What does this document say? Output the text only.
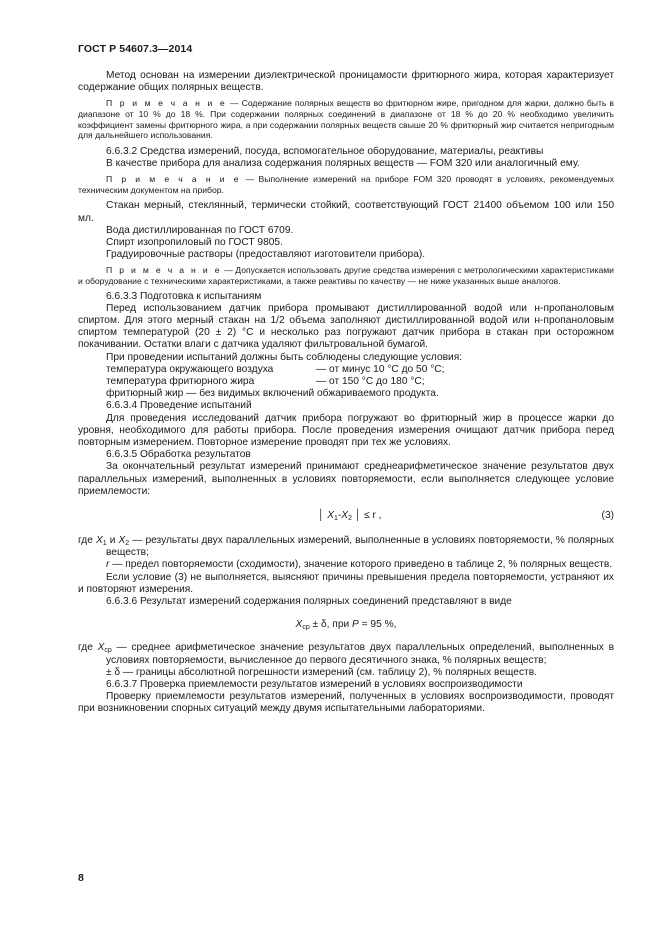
ГОСТ Р 54607.3—2014

Метод основан на измерении диэлектрической проницамости фритюрного жира, которая характеризует содержание общих полярных веществ.

П р и м е ч а н и е — Содержание полярных веществ во фритюрном жире, пригодном для жарки, должно быть в диапазоне от 10 % до 18 %. При содержании полярных соединений в диапазоне от 18 % до 20 % необходимо увеличить коэффициент замены фритюрного жира, а при содержании полярных веществ свыше 20 % фритюрный жир считается непригодным для дальнейшего использования.

6.6.3.2 Средства измерений, посуда, вспомогательное оборудование, материалы, реактивы

В качестве прибора для анализа содержания полярных веществ — FOM 320 или аналогичный ему.

П р и м е ч а н и е — Выполнение измерений на приборе FOM 320 проводят в условиях, рекомендуемых техническим документом на прибор.

Стакан мерный, стеклянный, термически стойкий, соответствующий ГОСТ 21400 объемом 100 или 150 мл.

Вода дистиллированная по ГОСТ 6709.

Спирт изопропиловый по ГОСТ 9805.

Градуировочные растворы (предоставляют изготовители прибора).

П р и м е ч а н и е — Допускается использовать другие средства измерения с метрологическими характеристиками и оборудование с техническими характеристиками, а также реактивы по качеству — не ниже указанных выше аналогов.

6.6.3.3 Подготовка к испытаниям

Перед использованием датчик прибора промывают дистиллированной водой или н-пропаноловым спиртом. Для этого мерный стакан на 1/2 объема заполняют дистиллированной водой или н-пропаноловым спиртом температурой (20 ± 2) °С и несколько раз погружают датчик прибора в стакан при осторожном покачивании. Остатки влаги с датчика удаляют фильтровальной бумагой.

При проведении испытаний должны быть соблюдены следующие условия:

температура окружающего воздуха	— от минус 10 °С до 50 °С;
температура фритюрного жира	— от 150 °С до 180 °С;

фритюрный жир — без видимых включений обжариваемого продукта.

6.6.3.4 Проведение испытаний

Для проведения исследований датчик прибора погружают во фритюрный жир в процессе жарки до уровня, необходимого для работы прибора. После проведения измерения очищают датчик прибора перед повторным измерением. Повторное измерение проводят при тех же условиях.

6.6.3.5 Обработка результатов

За окончательный результат измерений принимают среднеарифметическое значение результатов двух параллельных измерений, выполненных в условиях повторяемости, если выполняется следующее условие приемлемости:

│ $X_1-X_2$ │ ≤ r ,	(3)

где $X_1$ и $X_2$ — результаты двух параллельных измерений, выполненные в условиях повторяемости, % полярных веществ;

r — предел повторяемости (сходимости), значение которого приведено в таблице 2, % полярных веществ.

Если условие (3) не выполняется, выясняют причины превышения предела повторяемости, устраняют их и повторяют измерения.

6.6.3.6 Результат измерений содержания полярных соединений представляют в виде

$X_{ср} \pm \delta$, при P = 95 %,

где $X_{ср}$ — среднее арифметическое значение результатов двух параллельных определений, выполненных в условиях повторяемости, вычисленное до первого десятичного знака, % полярных веществ;

± δ — границы абсолютной погрешности измерений (см. таблицу 2), % полярных веществ.

6.6.3.7 Проверка приемлемости результатов измерений в условиях воспроизводимости

Проверку приемлемости результатов измерений, полученных в условиях воспроизводимости, проводят при возникновении спорных ситуаций между двумя испытательными лабораториями.

8
